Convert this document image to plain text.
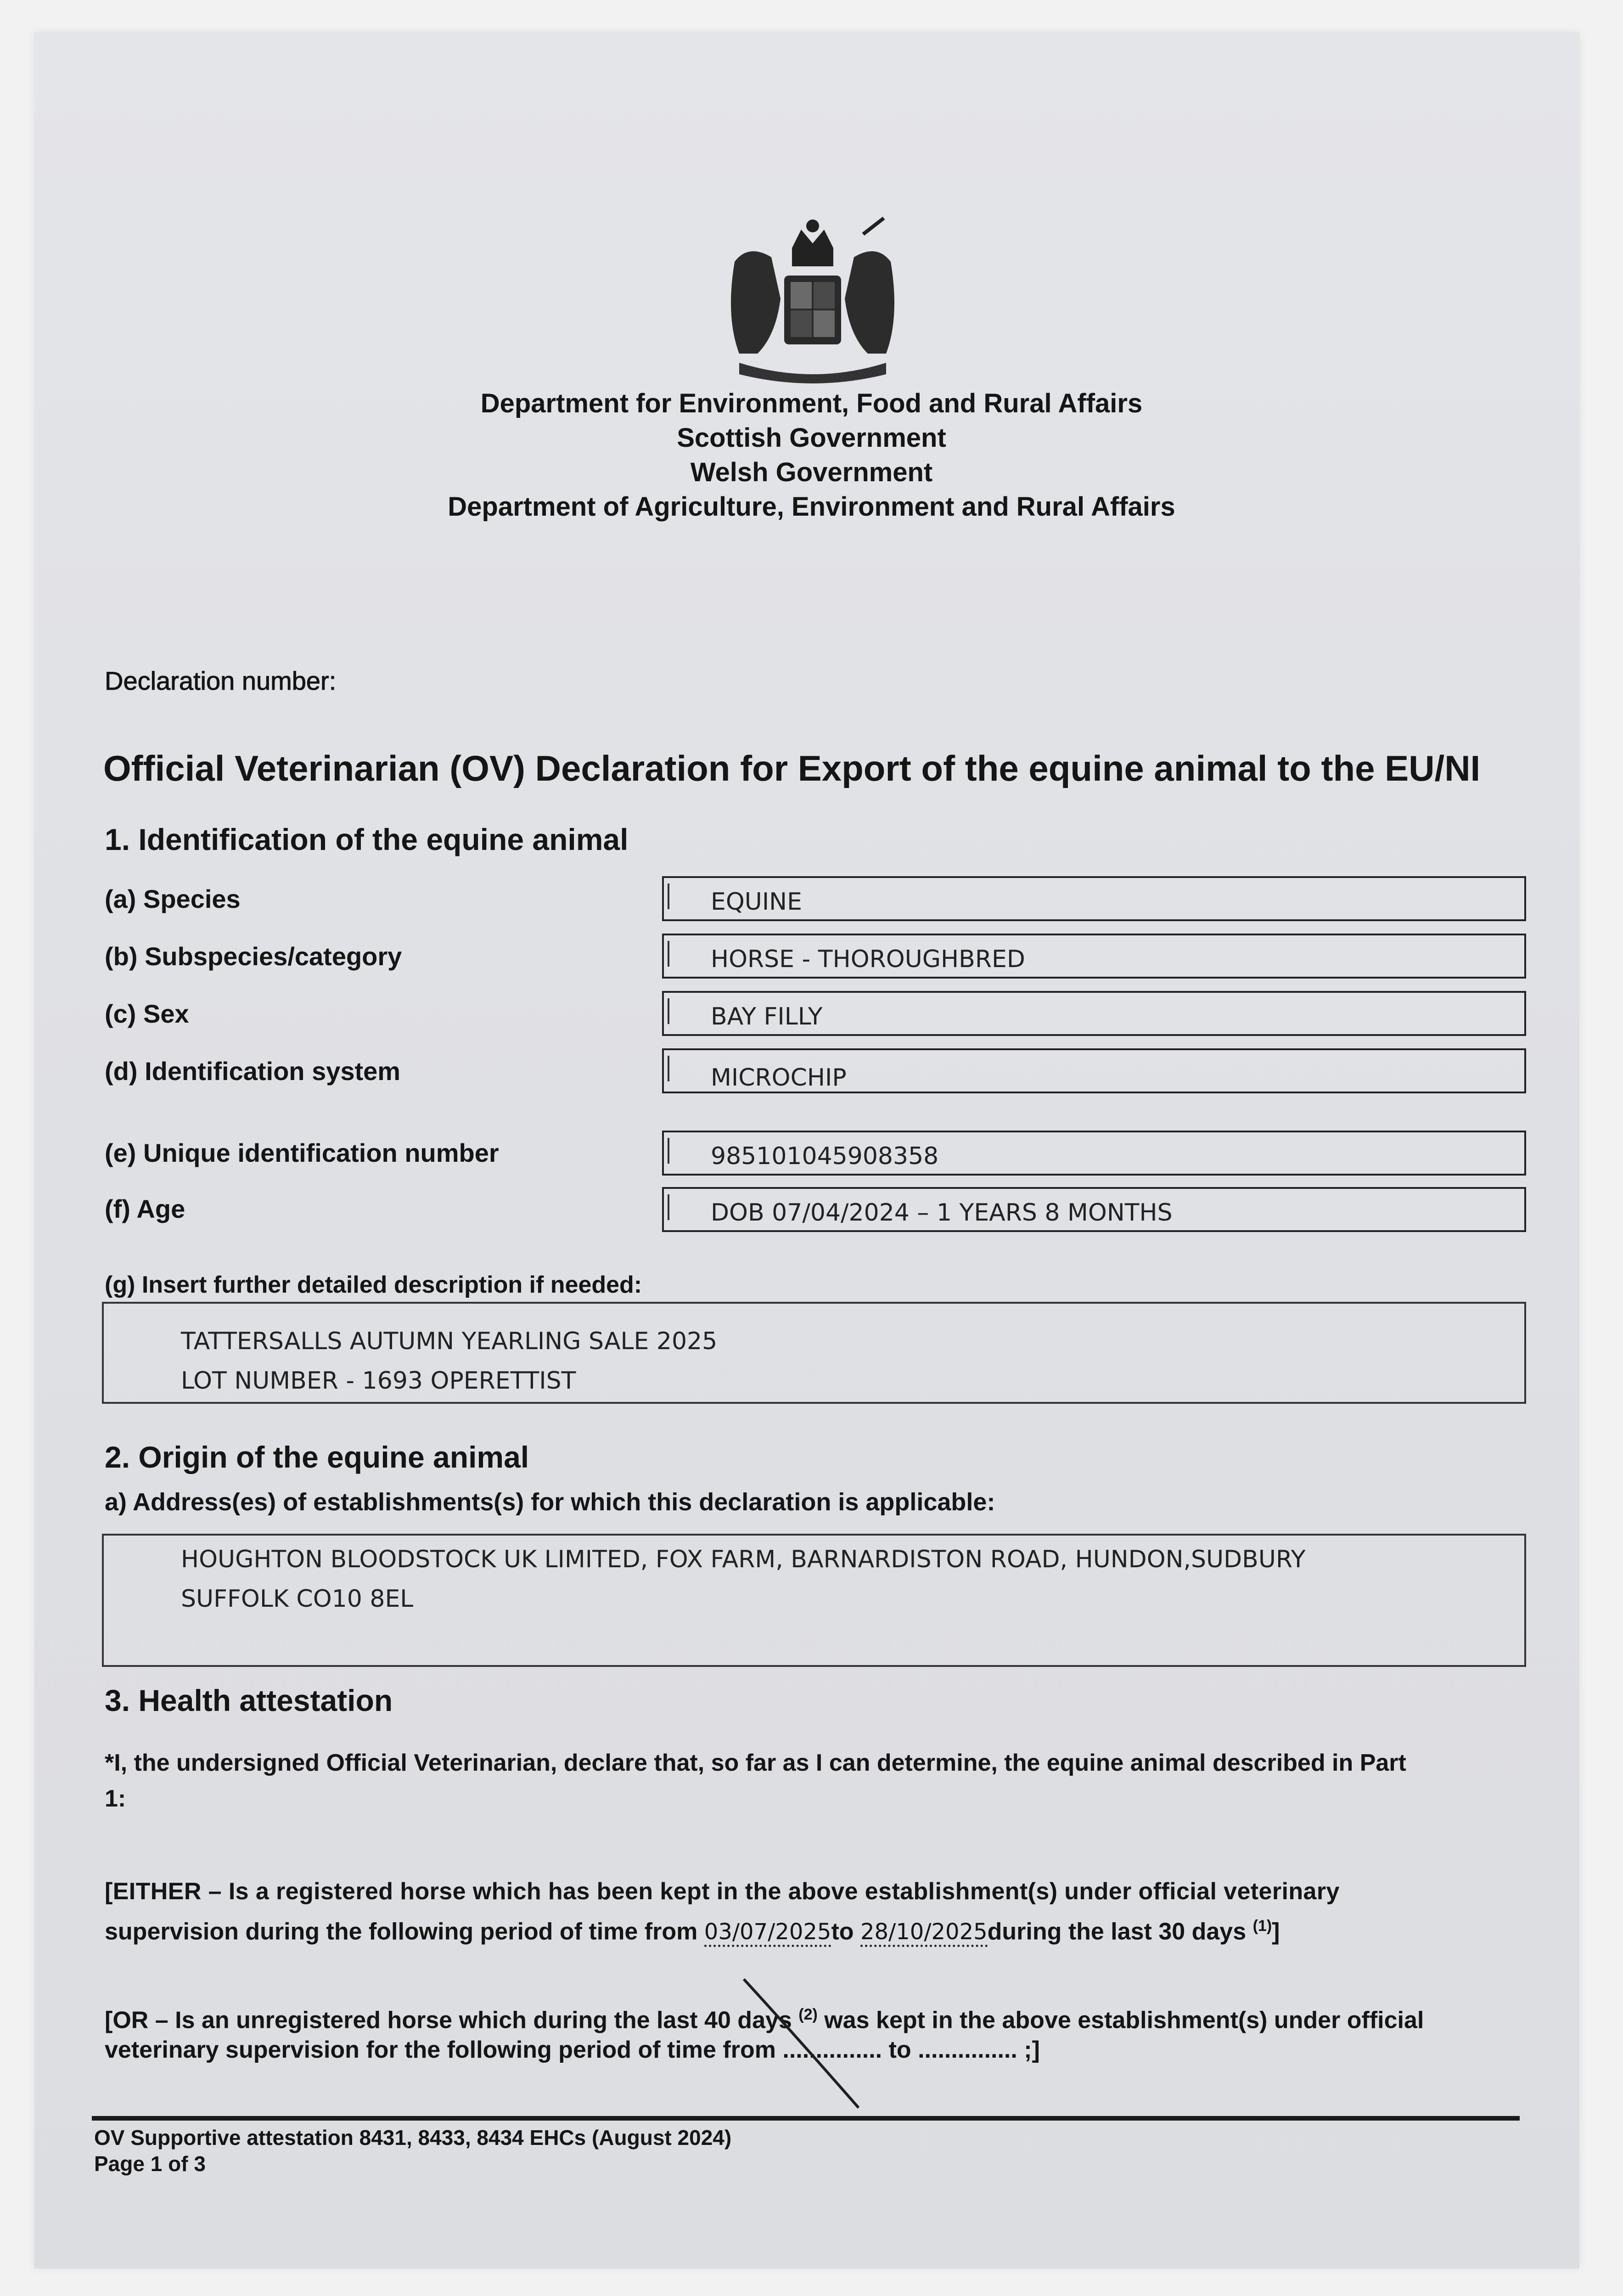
Department for Environment, Food and Rural Affairs
Scottish Government
Welsh Government
Department of Agriculture, Environment and Rural Affairs
Declaration number:
Official Veterinarian (OV) Declaration for Export of the equine animal to the EU/NI
1. Identification of the equine animal
(a) Species	EQUINE
(b) Subspecies/category	HORSE - THOROUGHBRED
(c) Sex	BAY FILLY
(d) Identification system	MICROCHIP
(e) Unique identification number	985101045908358
(f) Age	DOB 07/04/2024 – 1 YEARS 8 MONTHS
(g) Insert further detailed description if needed:
TATTERSALLS AUTUMN YEARLING SALE 2025
LOT NUMBER - 1693 OPERETTIST
2. Origin of the equine animal
a) Address(es) of establishments(s) for which this declaration is applicable:
HOUGHTON BLOODSTOCK UK LIMITED, FOX FARM, BARNARDISTON ROAD, HUNDON,SUDBURY
SUFFOLK CO10 8EL
3. Health attestation
*I, the undersigned Official Veterinarian, declare that, so far as I can determine, the equine animal described in Part
1:
[EITHER – Is a registered horse which has been kept in the above establishment(s) under official veterinary
supervision during the following period of time from 03/07/2025to 28/10/2025during the last 30 days $^{(1)}$]
[OR – Is an unregistered horse which during the last 40 days $^{(2)}$ was kept in the above establishment(s) under official
veterinary supervision for the following period of time from ............... to ............... ;]
OV Supportive attestation 8431, 8433, 8434 EHCs (August 2024)
Page 1 of 3
